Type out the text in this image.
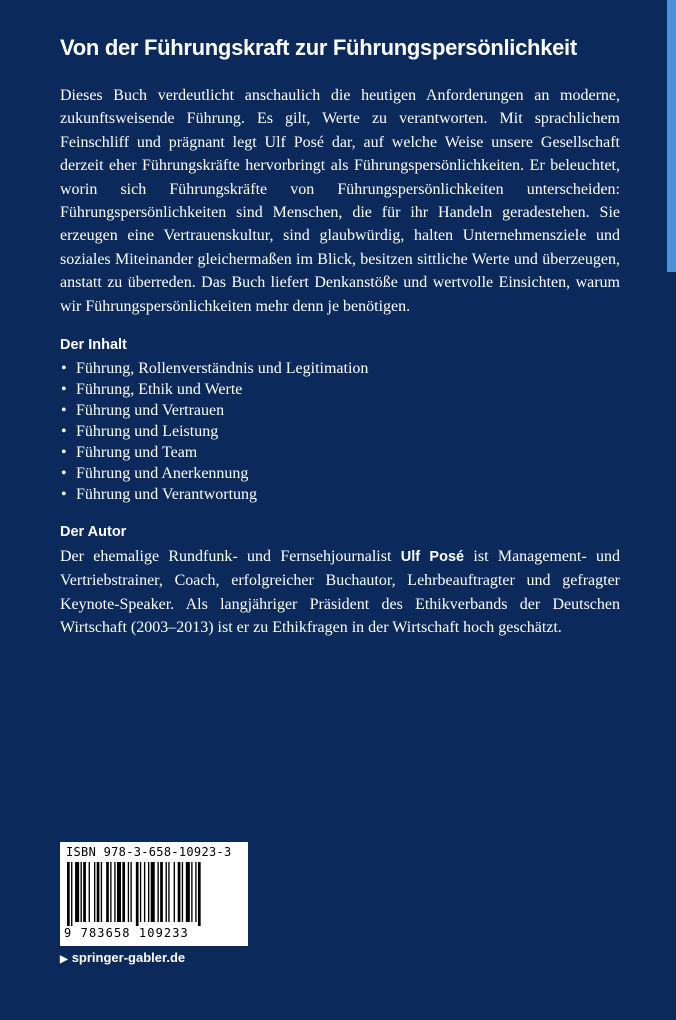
Von der Führungskraft zur Führungspersönlichkeit

Dieses Buch verdeutlicht anschaulich die heutigen Anforderungen an moderne, zukunftsweisende Führung. Es gilt, Werte zu verantworten. Mit sprachlichem Feinschliff und prägnant legt Ulf Posé dar, auf welche Weise unsere Gesellschaft derzeit eher Führungskräfte hervorbringt als Führungspersönlichkeiten. Er beleuchtet, worin sich Führungskräfte von Führungspersönlichkeiten unterscheiden: Führungspersönlichkeiten sind Menschen, die für ihr Handeln geradestehen. Sie erzeugen eine Vertrauenskultur, sind glaubwürdig, halten Unternehmensziele und soziales Miteinander gleichermaßen im Blick, besitzen sittliche Werte und überzeugen, anstatt zu überreden. Das Buch liefert Denkanstöße und wertvolle Einsichten, warum wir Führungspersönlichkeiten mehr denn je benötigen.

Der Inhalt
• Führung, Rollenverständnis und Legitimation
• Führung, Ethik und Werte
• Führung und Vertrauen
• Führung und Leistung
• Führung und Team
• Führung und Anerkennung
• Führung und Verantwortung
Der Autor

Der ehemalige Rundfunk- und Fernsehjournalist Ulf Posé ist Management- und Vertriebstrainer, Coach, erfolgreicher Buchautor, Lehrbeauftragter und gefragter Keynote-Speaker. Als langjähriger Präsident des Ethikverbands der Deutschen Wirtschaft (2003–2013) ist er zu Ethikfragen in der Wirtschaft hoch geschätzt.

ISBN 978-3-658-10923-3
9 783658 109233
▶ springer-gabler.de
